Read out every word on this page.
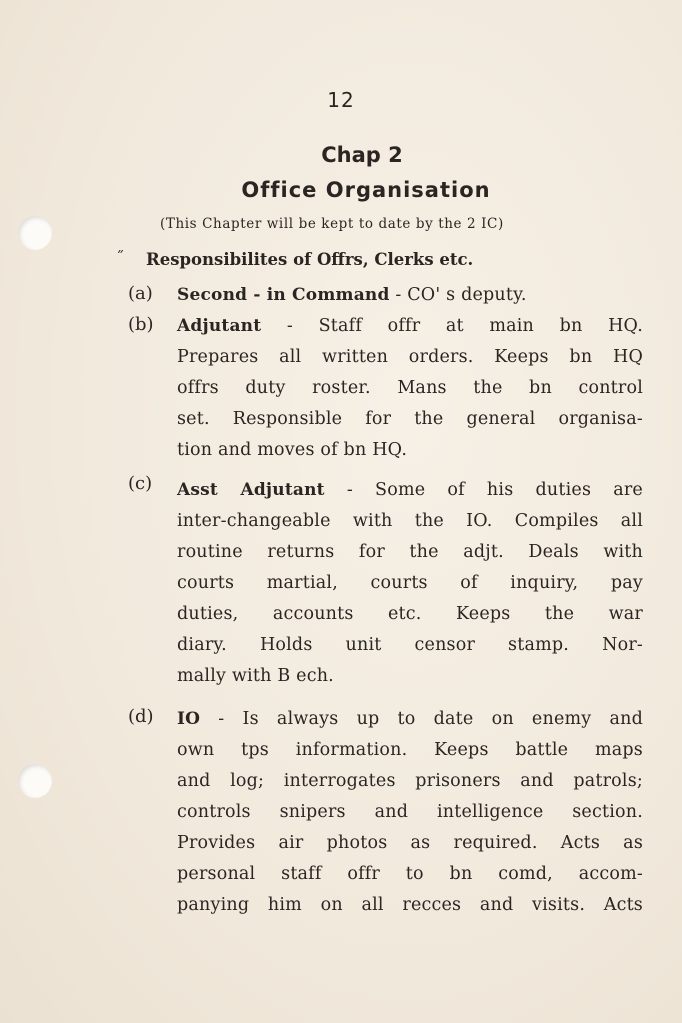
12
Chap 2
Office Organisation
(This Chapter will be kept to date by the 2 IC)
˝ Responsibilites of Offrs, Clerks etc.
(a) Second - in Command - CO' s deputy.
(b) Adjutant - Staff offr at main bn HQ.
Prepares all written orders. Keeps bn HQ
offrs duty roster. Mans the bn control
set. Responsible for the general organisa-
tion and moves of bn HQ.
(c) Asst Adjutant - Some of his duties are
inter-changeable with the IO. Compiles all
routine returns for the adjt. Deals with
courts martial, courts of inquiry, pay
duties, accounts etc. Keeps the war
diary. Holds unit censor stamp. Nor-
mally with B ech.
(d) IO - Is always up to date on enemy and
own tps information. Keeps battle maps
and log; interrogates prisoners and patrols;
controls snipers and intelligence section.
Provides air photos as required. Acts as
personal staff offr to bn comd, accom-
panying him on all recces and visits. Acts
